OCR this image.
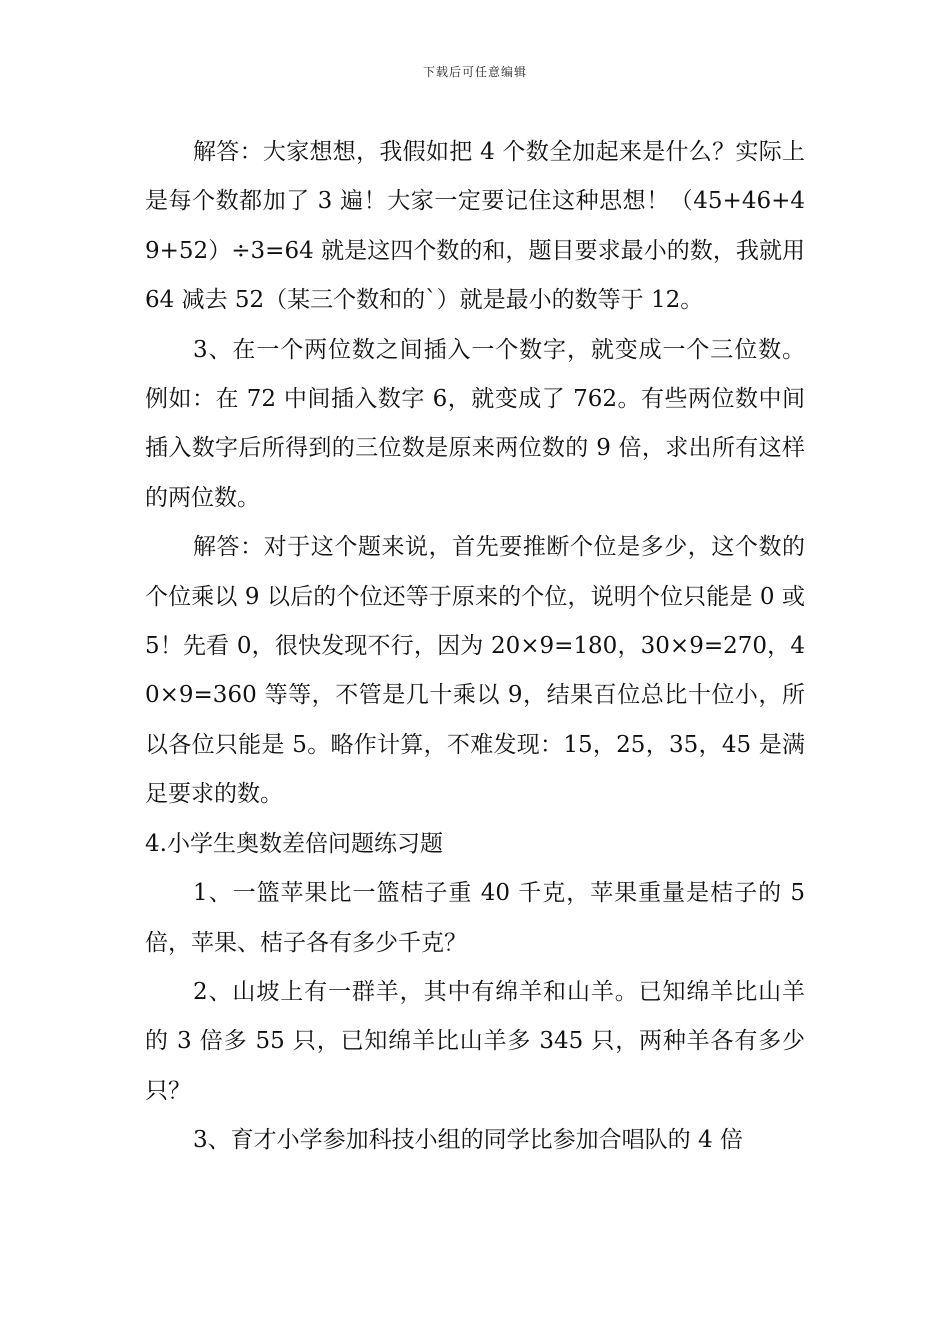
下载后可任意编辑

解答：大家想想，我假如把 4 个数全加起来是什么？实际上是每个数都加了 3 遍！大家一定要记住这种思想！（45+46+49+52）÷3=64 就是这四个数的和，题目要求最小的数，我就用 64 减去 52（某三个数和的`）就是最小的数等于 12。

3、在一个两位数之间插入一个数字，就变成一个三位数。例如：在 72 中间插入数字 6，就变成了 762。有些两位数中间插入数字后所得到的三位数是原来两位数的 9 倍，求出所有这样的两位数。

解答：对于这个题来说，首先要推断个位是多少，这个数的个位乘以 9 以后的个位还等于原来的个位，说明个位只能是 0 或 5！先看 0，很快发现不行，因为 20×9=180，30×9=270，40×9=360 等等，不管是几十乘以 9，结果百位总比十位小，所以各位只能是 5。略作计算，不难发现：15，25，35，45 是满足要求的数。

4.小学生奥数差倍问题练习题

1、一篮苹果比一篮桔子重 40 千克，苹果重量是桔子的 5 倍，苹果、桔子各有多少千克？

2、山坡上有一群羊，其中有绵羊和山羊。已知绵羊比山羊的 3 倍多 55 只，已知绵羊比山羊多 345 只，两种羊各有多少只？

3、育才小学参加科技小组的同学比参加合唱队的 4 倍
